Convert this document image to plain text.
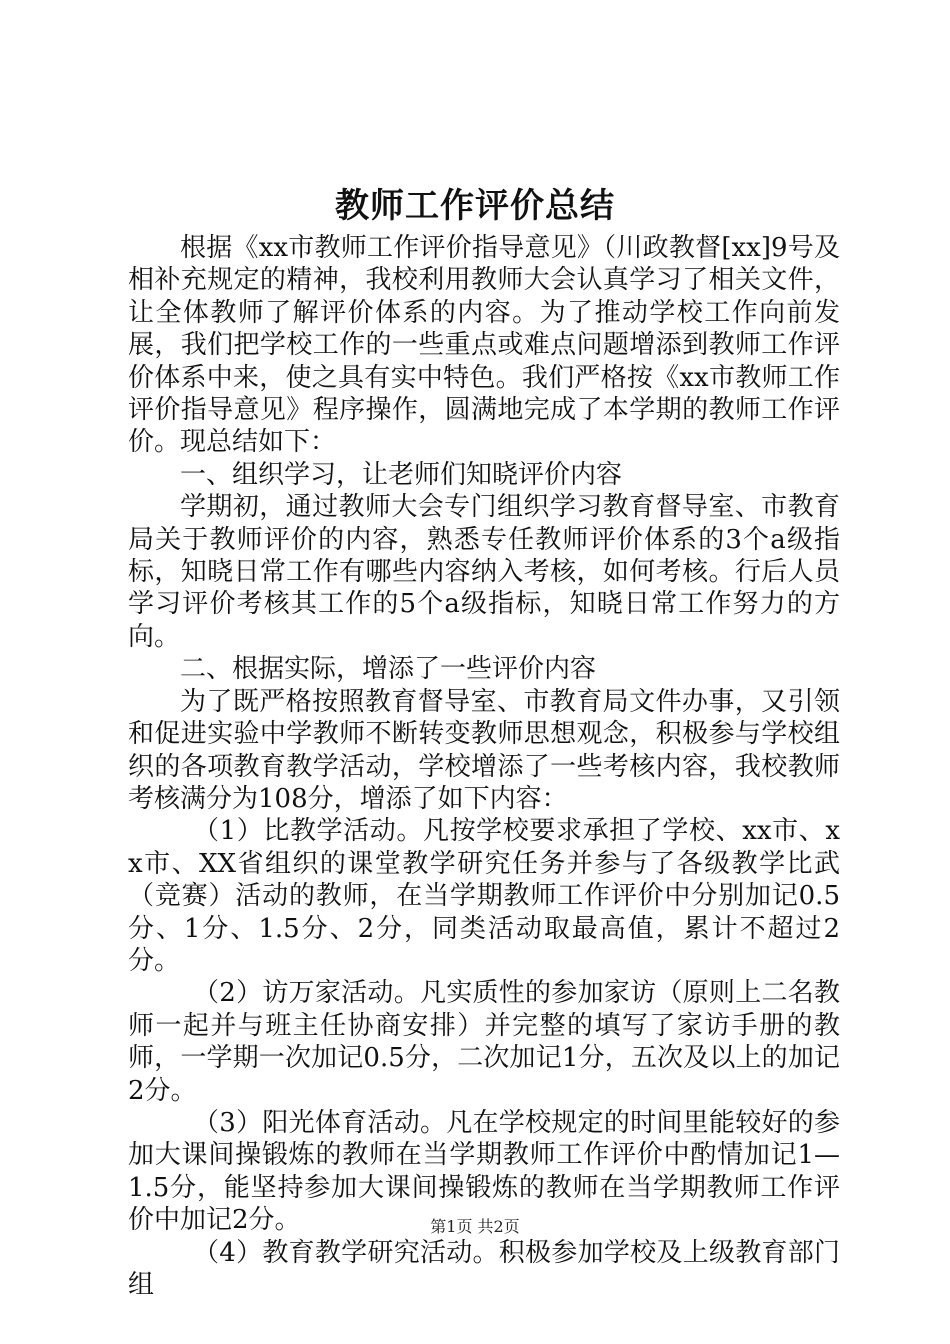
教师工作评价总结

根据《xx市教师工作评价指导意见》（川政教督[xx]9号及相补充规定的精神，我校利用教师大会认真学习了相关文件，让全体教师了解评价体系的内容。为了推动学校工作向前发展，我们把学校工作的一些重点或难点问题增添到教师工作评价体系中来，使之具有实中特色。我们严格按《xx市教师工作评价指导意见》程序操作，圆满地完成了本学期的教师工作评价。现总结如下：

一、组织学习，让老师们知晓评价内容

学期初，通过教师大会专门组织学习教育督导室、市教育局关于教师评价的内容，熟悉专任教师评价体系的3个a级指标，知晓日常工作有哪些内容纳入考核，如何考核。行后人员学习评价考核其工作的5个a级指标，知晓日常工作努力的方向。

二、根据实际，增添了一些评价内容

为了既严格按照教育督导室、市教育局文件办事，又引领和促进实验中学教师不断转变教师思想观念，积极参与学校组织的各项教育教学活动，学校增添了一些考核内容，我校教师考核满分为108分，增添了如下内容：

（1）比教学活动。凡按学校要求承担了学校、xx市、xx市、XX省组织的课堂教学研究任务并参与了各级教学比武（竞赛）活动的教师，在当学期教师工作评价中分别加记0.5分、1分、1.5分、2分，同类活动取最高值，累计不超过2分。

（2）访万家活动。凡实质性的参加家访（原则上二名教师一起并与班主任协商安排）并完整的填写了家访手册的教师，一学期一次加记0.5分，二次加记1分，五次及以上的加记2分。

（3）阳光体育活动。凡在学校规定的时间里能较好的参加大课间操锻炼的教师在当学期教师工作评价中酌情加记1—1.5分，能坚持参加大课间操锻炼的教师在当学期教师工作评价中加记2分。

（4）教育教学研究活动。积极参加学校及上级教育部门组

第1页 共2页
